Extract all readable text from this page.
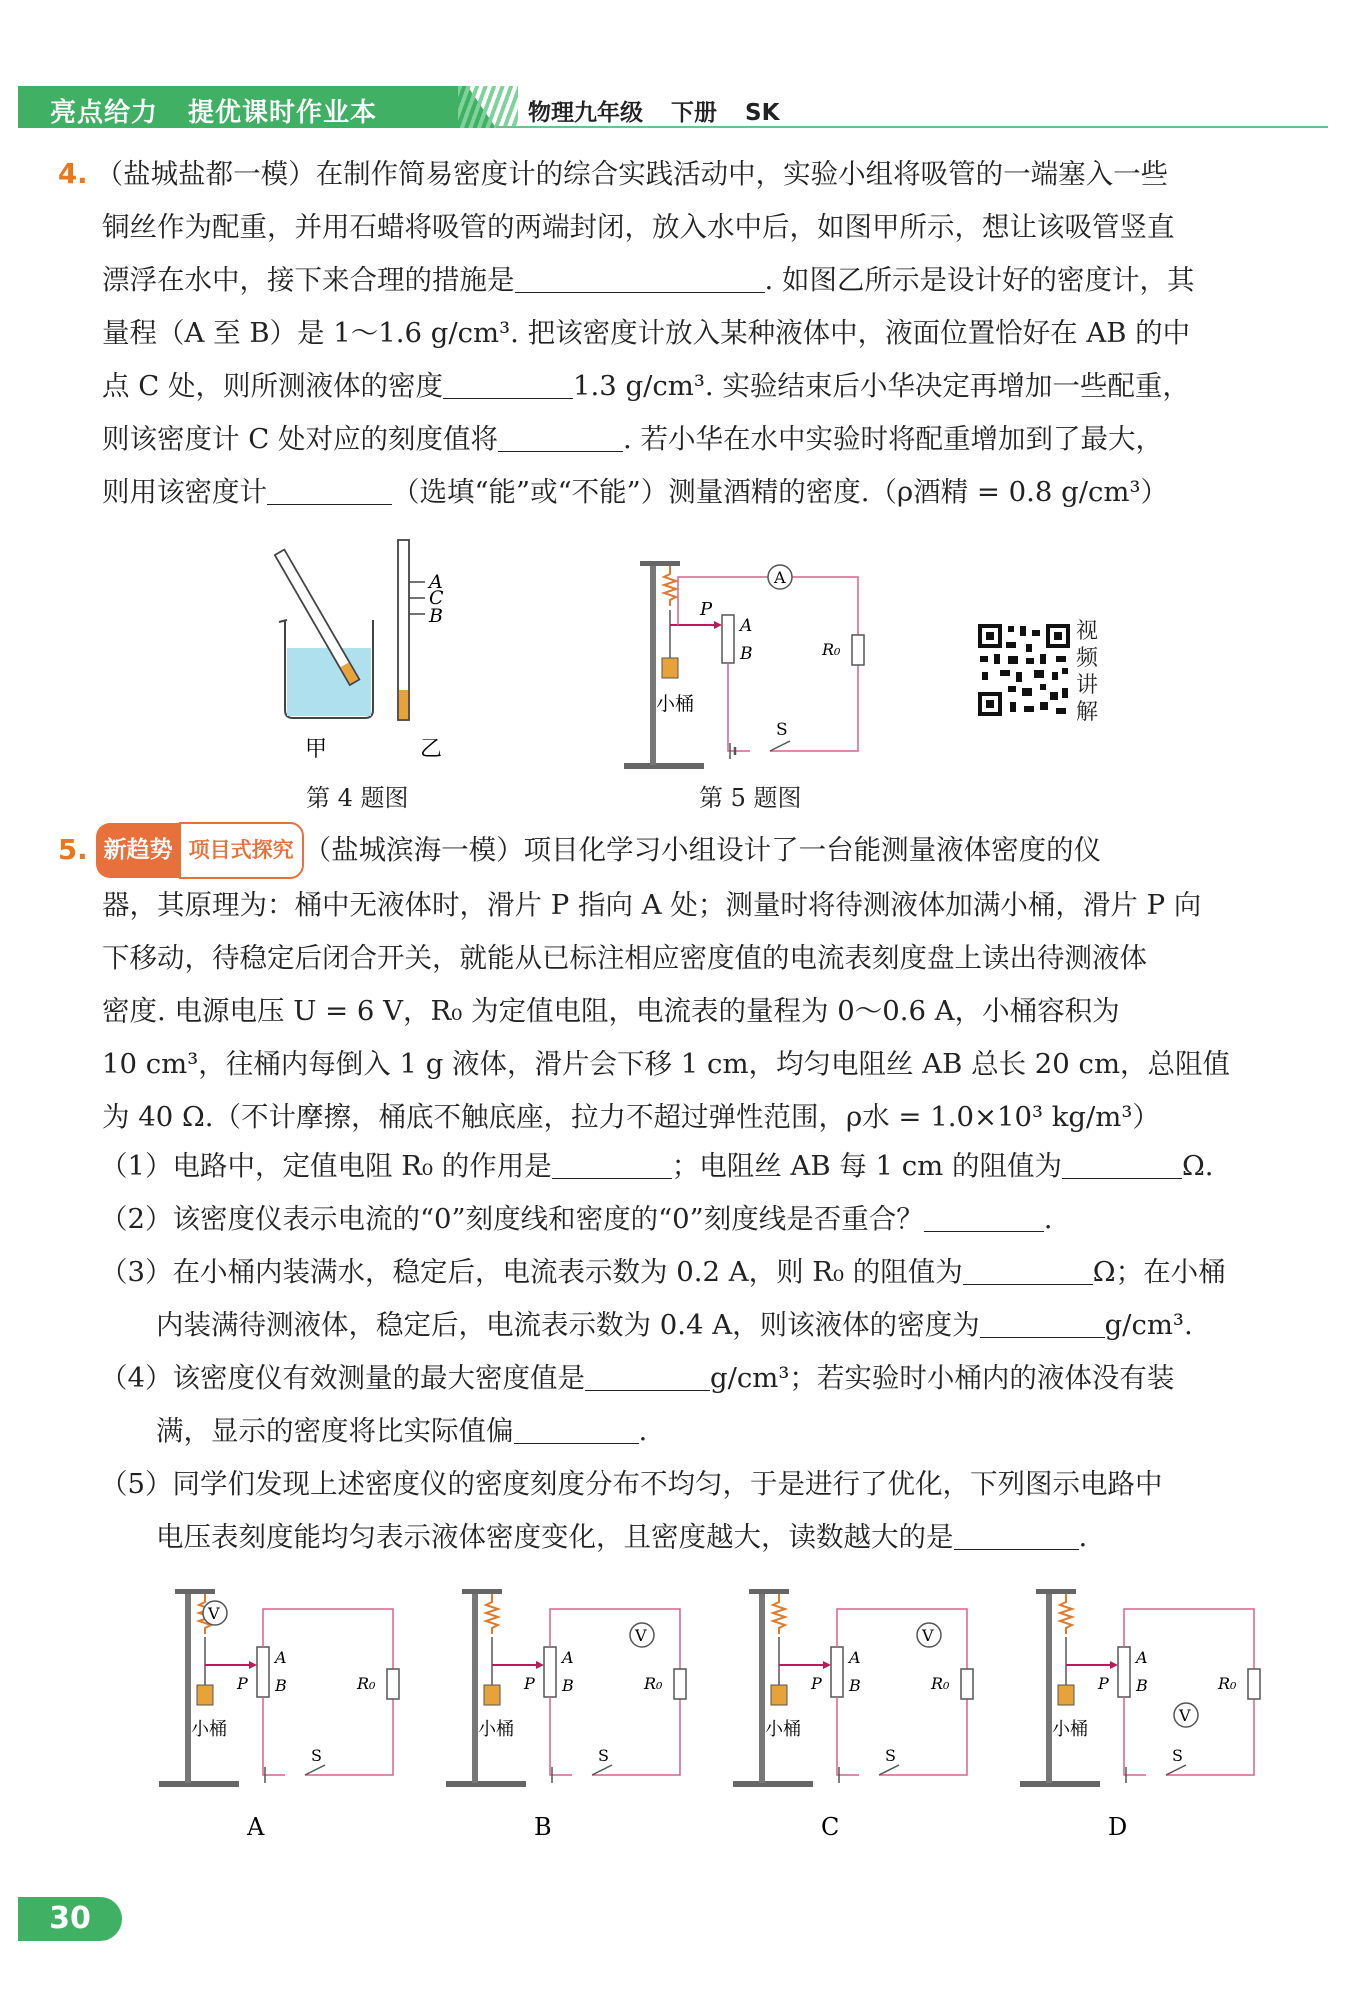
亮点给力 提优课时作业本	物理九年级 下册 SK
4. （盐城盐都一模）在制作简易密度计的综合实践活动中，实验小组将吸管的一端塞入一些
铜丝作为配重，并用石蜡将吸管的两端封闭，放入水中后，如图甲所示，想让该吸管竖直
漂浮在水中，接下来合理的措施是	. 如图乙所示是设计好的密度计，其
量程（A 至 B）是 1～1.6 g/cm³. 把该密度计放入某种液体中，液面位置恰好在 AB 的中
点 C 处，则所测液体的密度	1.3 g/cm³. 实验结束后小华决定再增加一些配重，
则该密度计 C 处对应的刻度值将	. 若小华在水中实验时将配重增加到了最大，
则用该密度计	（选填“能”或“不能”）测量酒精的密度.（ρ酒精 = 0.8 g/cm³）
A
C
B
甲	乙
第 4 题图
P
A
B
A
R₀
S
小桶
第 5 题图
视频讲解
5. 新趋势 项目式探究 （盐城滨海一模）项目化学习小组设计了一台能测量液体密度的仪
器，其原理为：桶中无液体时，滑片 P 指向 A 处；测量时将待测液体加满小桶，滑片 P 向
下移动，待稳定后闭合开关，就能从已标注相应密度值的电流表刻度盘上读出待测液体
密度. 电源电压 U = 6 V，R₀ 为定值电阻，电流表的量程为 0～0.6 A，小桶容积为
10 cm³，往桶内每倒入 1 g 液体，滑片会下移 1 cm，均匀电阻丝 AB 总长 20 cm，总阻值
为 40 Ω.（不计摩擦，桶底不触底座，拉力不超过弹性范围，ρ水 = 1.0×10³ kg/m³）
（1）电路中，定值电阻 R₀ 的作用是	；电阻丝 AB 每 1 cm 的阻值为	Ω.
（2）该密度仪表示电流的“0”刻度线和密度的“0”刻度线是否重合？	.
（3）在小桶内装满水，稳定后，电流表示数为 0.2 A，则 R₀ 的阻值为	Ω；在小桶
内装满待测液体，稳定后，电流表示数为 0.4 A，则该液体的密度为	g/cm³.
（4）该密度仪有效测量的最大密度值是	g/cm³；若实验时小桶内的液体没有装
满，显示的密度将比实际值偏	.
（5）同学们发现上述密度仪的密度刻度分布不均匀，于是进行了优化，下列图示电路中
电压表刻度能均匀表示液体密度变化，且密度越大，读数越大的是	.
V
P
A
B	R₀
S
小桶
A
V
P
A
B	R₀
S
小桶
B
V
P
A
B	R₀
S
小桶
C
V
P
A
B	R₀
S
小桶
D
30
